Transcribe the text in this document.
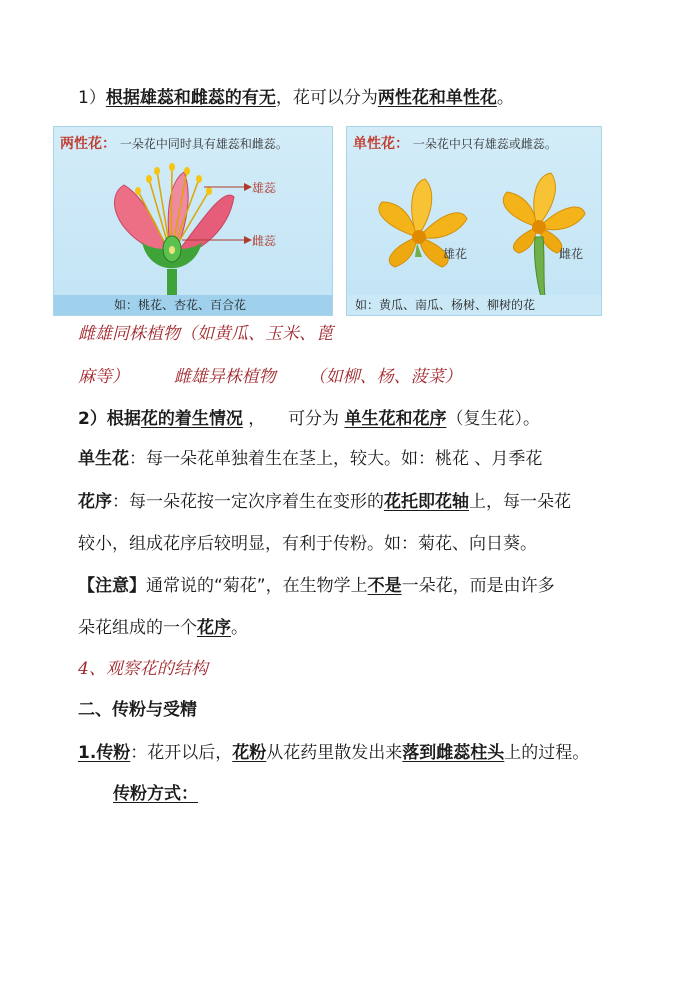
1）根据雄蕊和雌蕊的有无，花可以分为两性花和单性花。
两性花： 一朵花中同时具有雄蕊和雌蕊。
雄蕊
雌蕊
如：桃花、杏花、百合花
单性花： 一朵花中只有雄蕊或雌蕊。
雄花	雌花
如：黄瓜、南瓜、杨树、柳树的花
雌雄同株植物（如黄瓜、玉米、蓖
麻等）	雌雄异株植物 （如柳、杨、菠菜）
2）根据花的着生情况 ， 可分为 单生花和花序（复生花）。
单生花：每一朵花单独着生在茎上，较大。如：桃花 、月季花
花序：每一朵花按一定次序着生在变形的花托即花轴上，每一朵花
较小，组成花序后较明显，有利于传粉。如：菊花、向日葵。
【注意】通常说的“菊花”，在生物学上不是一朵花，而是由许多
朵花组成的一个花序。
4、观察花的结构
二、传粉与受精
1.传粉：花开以后，花粉从花药里散发出来落到雌蕊柱头上的过程。
传粉方式：
